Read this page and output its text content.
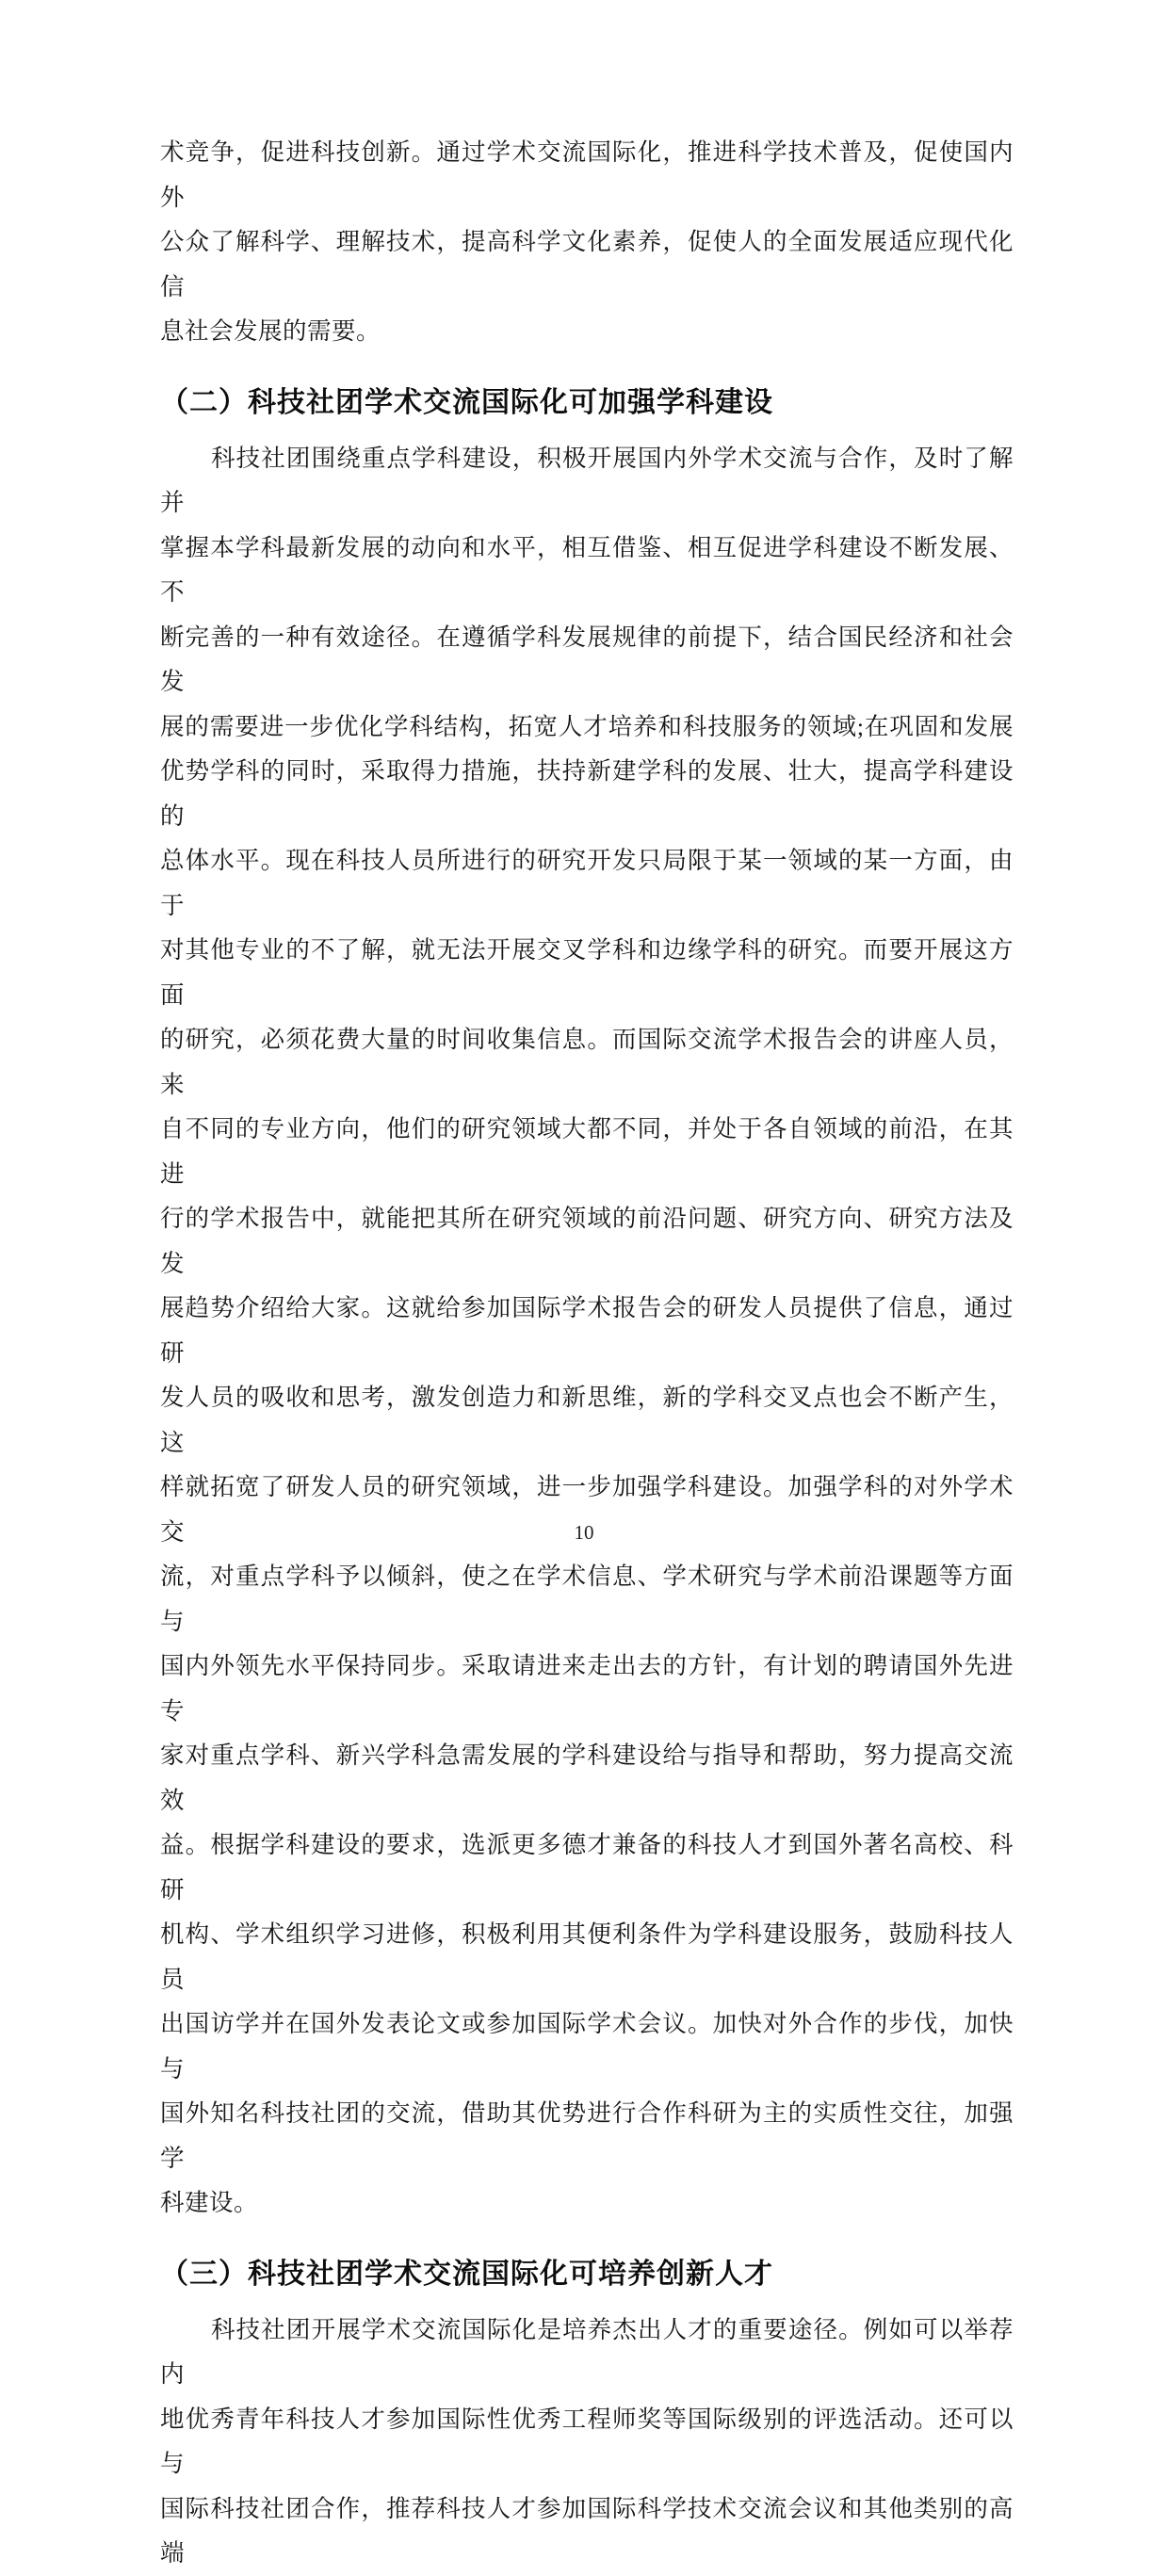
术竞争，促进科技创新。通过学术交流国际化，推进科学技术普及，促使国内外
公众了解科学、理解技术，提高科学文化素养，促使人的全面发展适应现代化信
息社会发展的需要。
（二）科技社团学术交流国际化可加强学科建设
科技社团围绕重点学科建设，积极开展国内外学术交流与合作，及时了解并
掌握本学科最新发展的动向和水平，相互借鉴、相互促进学科建设不断发展、不
断完善的一种有效途径。在遵循学科发展规律的前提下，结合国民经济和社会发
展的需要进一步优化学科结构，拓宽人才培养和科技服务的领域;在巩固和发展
优势学科的同时，采取得力措施，扶持新建学科的发展、壮大，提高学科建设的
总体水平。现在科技人员所进行的研究开发只局限于某一领域的某一方面，由于
对其他专业的不了解，就无法开展交叉学科和边缘学科的研究。而要开展这方面
的研究，必须花费大量的时间收集信息。而国际交流学术报告会的讲座人员，来
自不同的专业方向，他们的研究领域大都不同，并处于各自领域的前沿，在其进
行的学术报告中，就能把其所在研究领域的前沿问题、研究方向、研究方法及发
展趋势介绍给大家。这就给参加国际学术报告会的研发人员提供了信息，通过研
发人员的吸收和思考，激发创造力和新思维，新的学科交叉点也会不断产生，这
样就拓宽了研发人员的研究领域，进一步加强学科建设。加强学科的对外学术交
流，对重点学科予以倾斜，使之在学术信息、学术研究与学术前沿课题等方面与
国内外领先水平保持同步。采取请进来走出去的方针，有计划的聘请国外先进专
家对重点学科、新兴学科急需发展的学科建设给与指导和帮助，努力提高交流效
益。根据学科建设的要求，选派更多德才兼备的科技人才到国外著名高校、科研
机构、学术组织学习进修，积极利用其便利条件为学科建设服务，鼓励科技人员
出国访学并在国外发表论文或参加国际学术会议。加快对外合作的步伐，加快与
国外知名科技社团的交流，借助其优势进行合作科研为主的实质性交往，加强学
科建设。
（三）科技社团学术交流国际化可培养创新人才
科技社团开展学术交流国际化是培养杰出人才的重要途径。例如可以举荐内
地优秀青年科技人才参加国际性优秀工程师奖等国际级别的评选活动。还可以与
国际科技社团合作，推荐科技人才参加国际科学技术交流会议和其他类别的高端
10
